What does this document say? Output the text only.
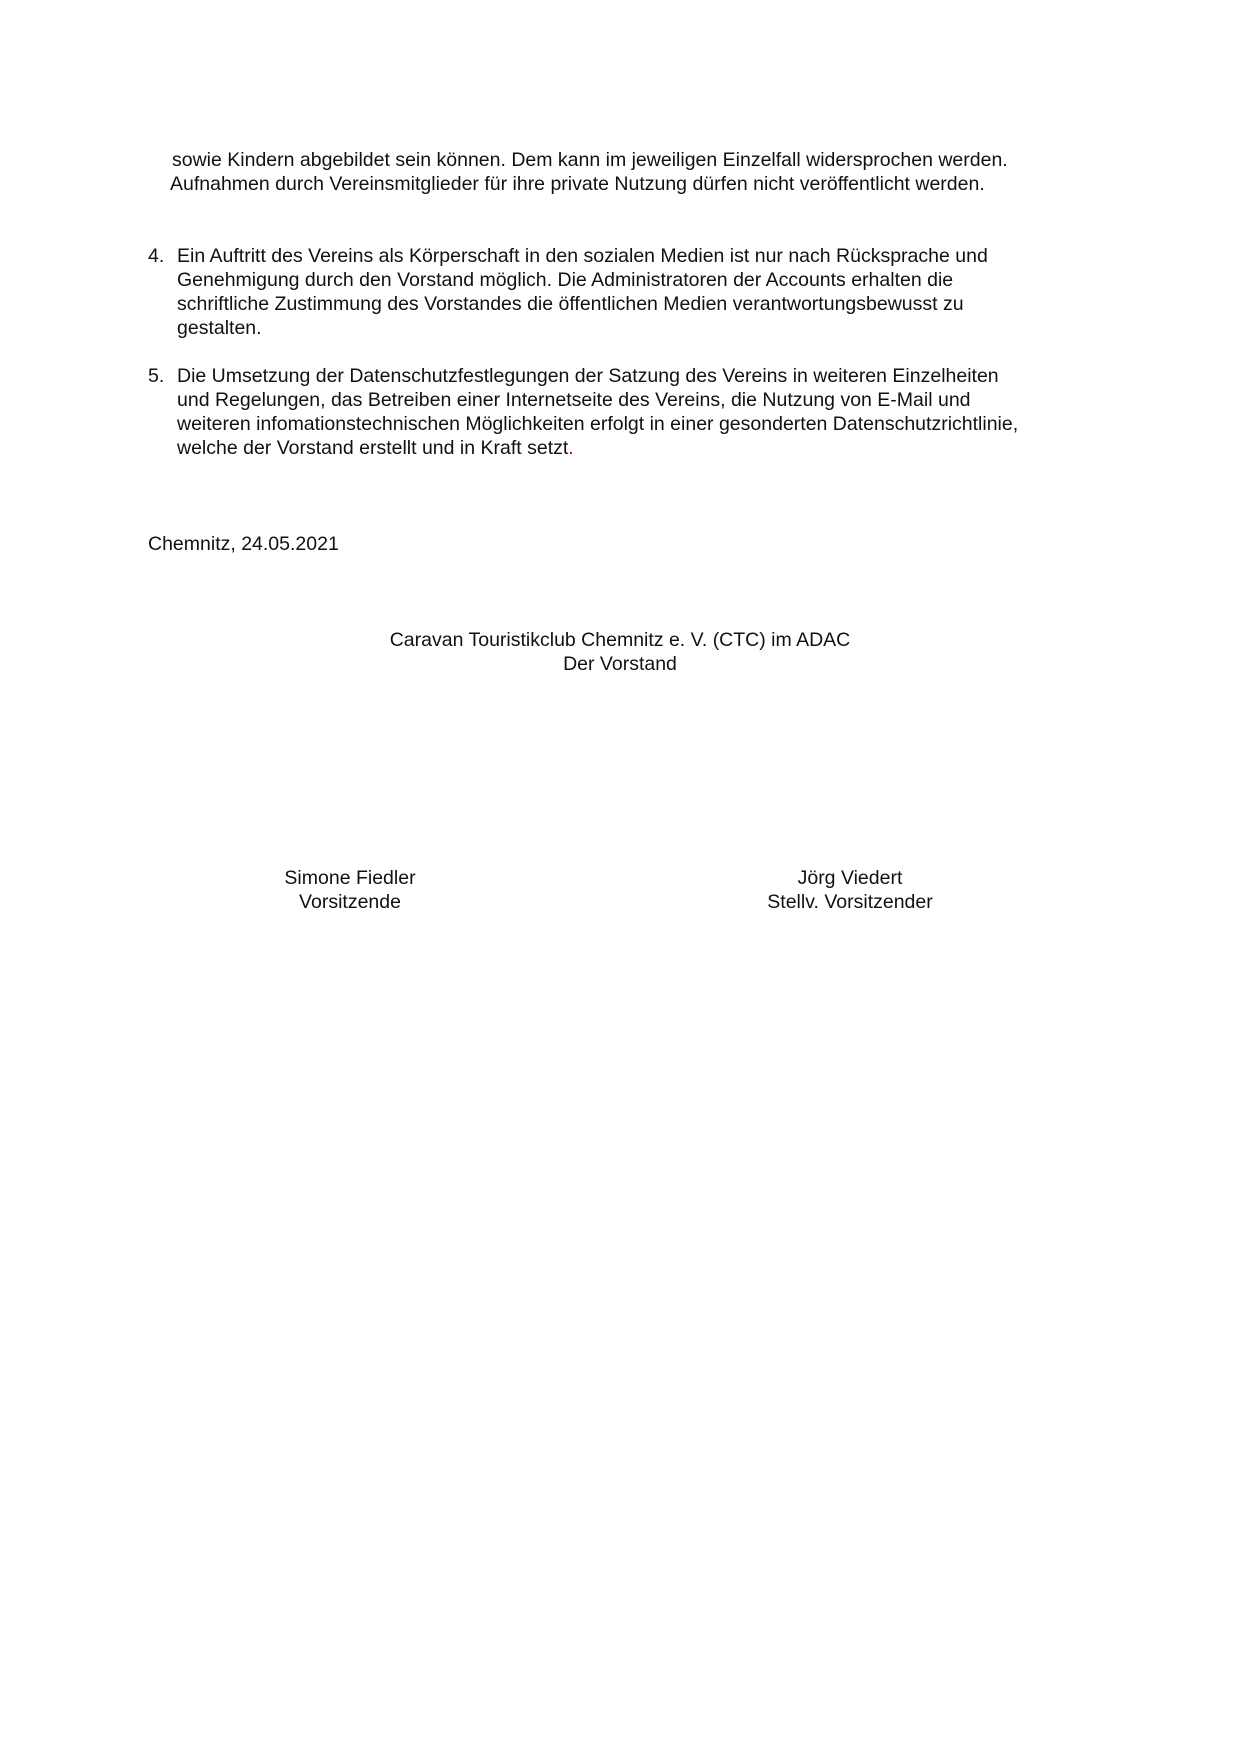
sowie Kindern abgebildet sein können. Dem kann im jeweiligen Einzelfall widersprochen werden.
Aufnahmen durch Vereinsmitglieder für ihre private Nutzung dürfen nicht veröffentlicht werden.
4. Ein Auftritt des Vereins als Körperschaft in den sozialen Medien ist nur nach Rücksprache und
Genehmigung durch den Vorstand möglich. Die Administratoren der Accounts erhalten die
schriftliche Zustimmung des Vorstandes die öffentlichen Medien verantwortungsbewusst zu
gestalten.
5. Die Umsetzung der Datenschutzfestlegungen der Satzung des Vereins in weiteren Einzelheiten
und Regelungen, das Betreiben einer Internetseite des Vereins, die Nutzung von E-Mail und
weiteren infomationstechnischen Möglichkeiten erfolgt in einer gesonderten Datenschutzrichtlinie,
welche der Vorstand erstellt und in Kraft setzt.
Chemnitz, 24.05.2021
Caravan Touristikclub Chemnitz e. V. (CTC) im ADAC
Der Vorstand
Simone Fiedler
Vorsitzende
Jörg Viedert
Stellv. Vorsitzender
